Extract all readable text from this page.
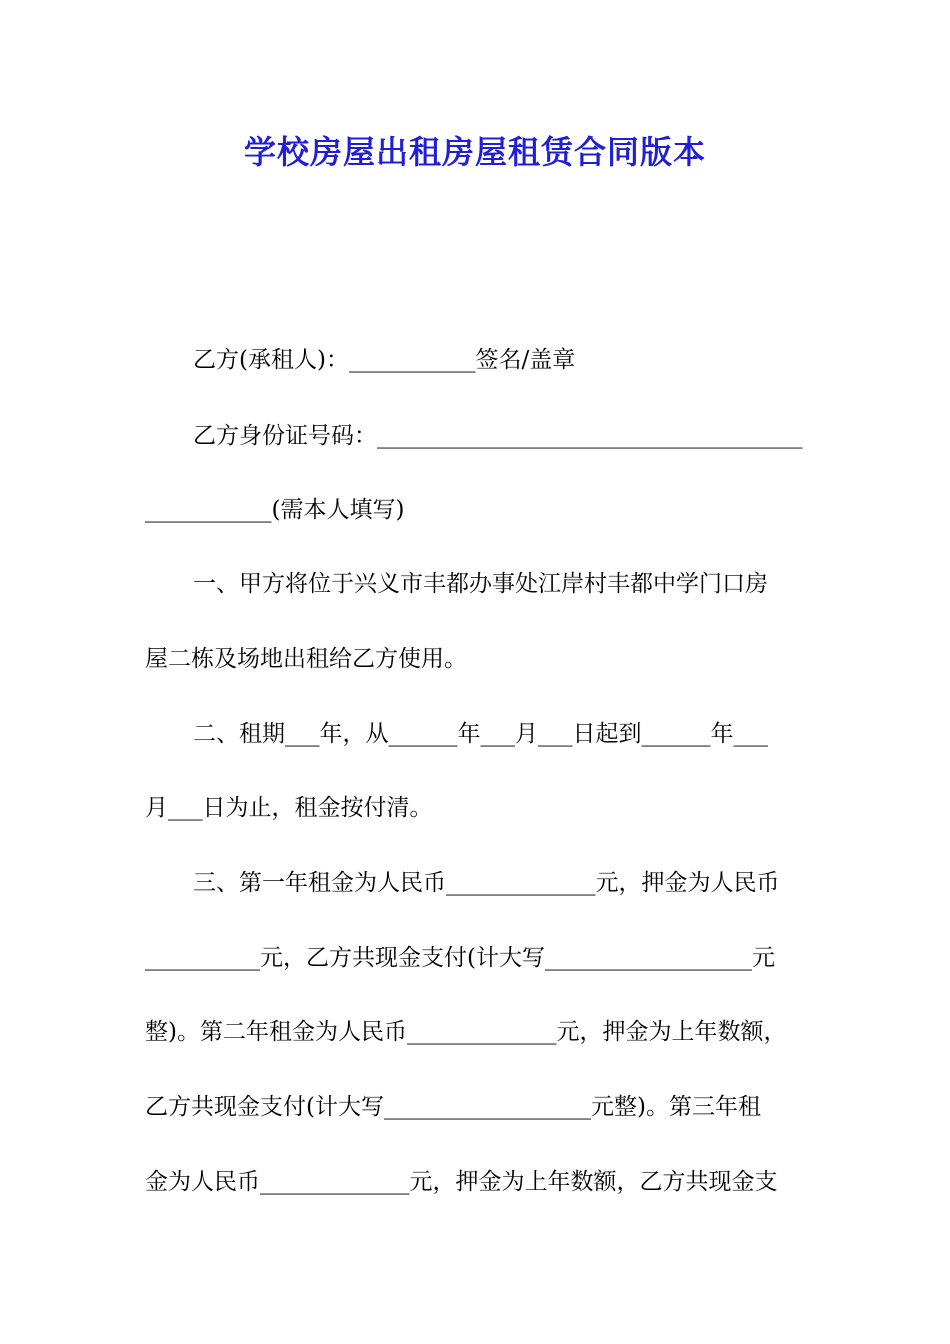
学校房屋出租房屋租赁合同版本
乙方(承租人)：___________签名/盖章
乙方身份证号码：_____________________________________
___________(需本人填写)
一、甲方将位于兴义市丰都办事处江岸村丰都中学门口房
屋二栋及场地出租给乙方使用。
二、租期___年，从______年___月___日起到______年___
月___日为止，租金按付清。
三、第一年租金为人民币_____________元，押金为人民币
__________元，乙方共现金支付(计大写__________________元
整)。第二年租金为人民币_____________元，押金为上年数额，
乙方共现金支付(计大写__________________元整)。第三年租
金为人民币_____________元，押金为上年数额，乙方共现金支
